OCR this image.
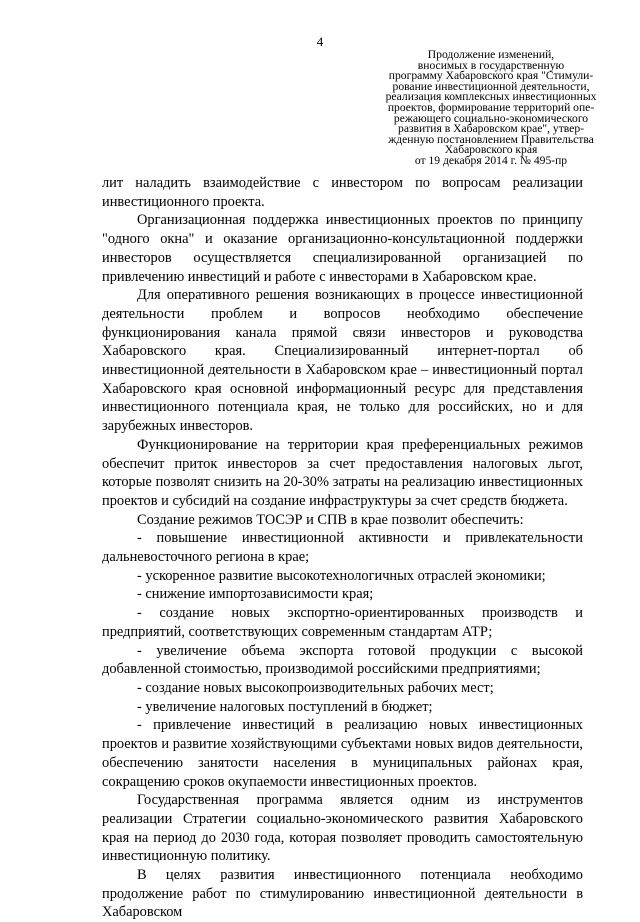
4
Продолжение изменений,
вносимых в государственную
программу Хабаровского края "Стимули-
рование инвестиционной деятельности,
реализация комплексных инвестиционных
проектов, формирование территорий опе-
режающего социально-экономического
развития в Хабаровском крае", утвер-
жденную постановлением Правительства
Хабаровского края
от 19 декабря 2014 г. № 495-пр

лит наладить взаимодействие с инвестором по вопросам реализации инвестиционного проекта.

Организационная поддержка инвестиционных проектов по принципу "одного окна" и оказание организационно-консультационной поддержки инвесторов осуществляется специализированной организацией по привлечению инвестиций и работе с инвесторами в Хабаровском крае.

Для оперативного решения возникающих в процессе инвестиционной деятельности проблем и вопросов необходимо обеспечение функционирования канала прямой связи инвесторов и руководства Хабаровского края. Специализированный интернет-портал об инвестиционной деятельности в Хабаровском крае – инвестиционный портал Хабаровского края основной информационный ресурс для представления инвестиционного потенциала края, не только для российских, но и для зарубежных инвесторов.

Функционирование на территории края преференциальных режимов обеспечит приток инвесторов за счет предоставления налоговых льгот, которые позволят снизить на 20-30% затраты на реализацию инвестиционных проектов и субсидий на создание инфраструктуры за счет средств бюджета.

Создание режимов ТОСЭР и СПВ в крае позволит обеспечить:

- повышение инвестиционной активности и привлекательности дальневосточного региона в крае;

- ускоренное развитие высокотехнологичных отраслей экономики;

- снижение импортозависимости края;

- создание новых экспортно-ориентированных производств и предприятий, соответствующих современным стандартам АТР;

- увеличение объема экспорта готовой продукции с высокой добавленной стоимостью, производимой российскими предприятиями;

- создание новых высокопроизводительных рабочих мест;

- увеличение налоговых поступлений в бюджет;

- привлечение инвестиций в реализацию новых инвестиционных проектов и развитие хозяйствующими субъектами новых видов деятельности, обеспечению занятости населения в муниципальных районах края, сокращению сроков окупаемости инвестиционных проектов.

Государственная программа является одним из инструментов реализации Стратегии социально-экономического развития Хабаровского края на период до 2030 года, которая позволяет проводить самостоятельную инвестиционную политику.

В целях развития инвестиционного потенциала необходимо продолжение работ по стимулированию инвестиционной деятельности в Хабаровском
